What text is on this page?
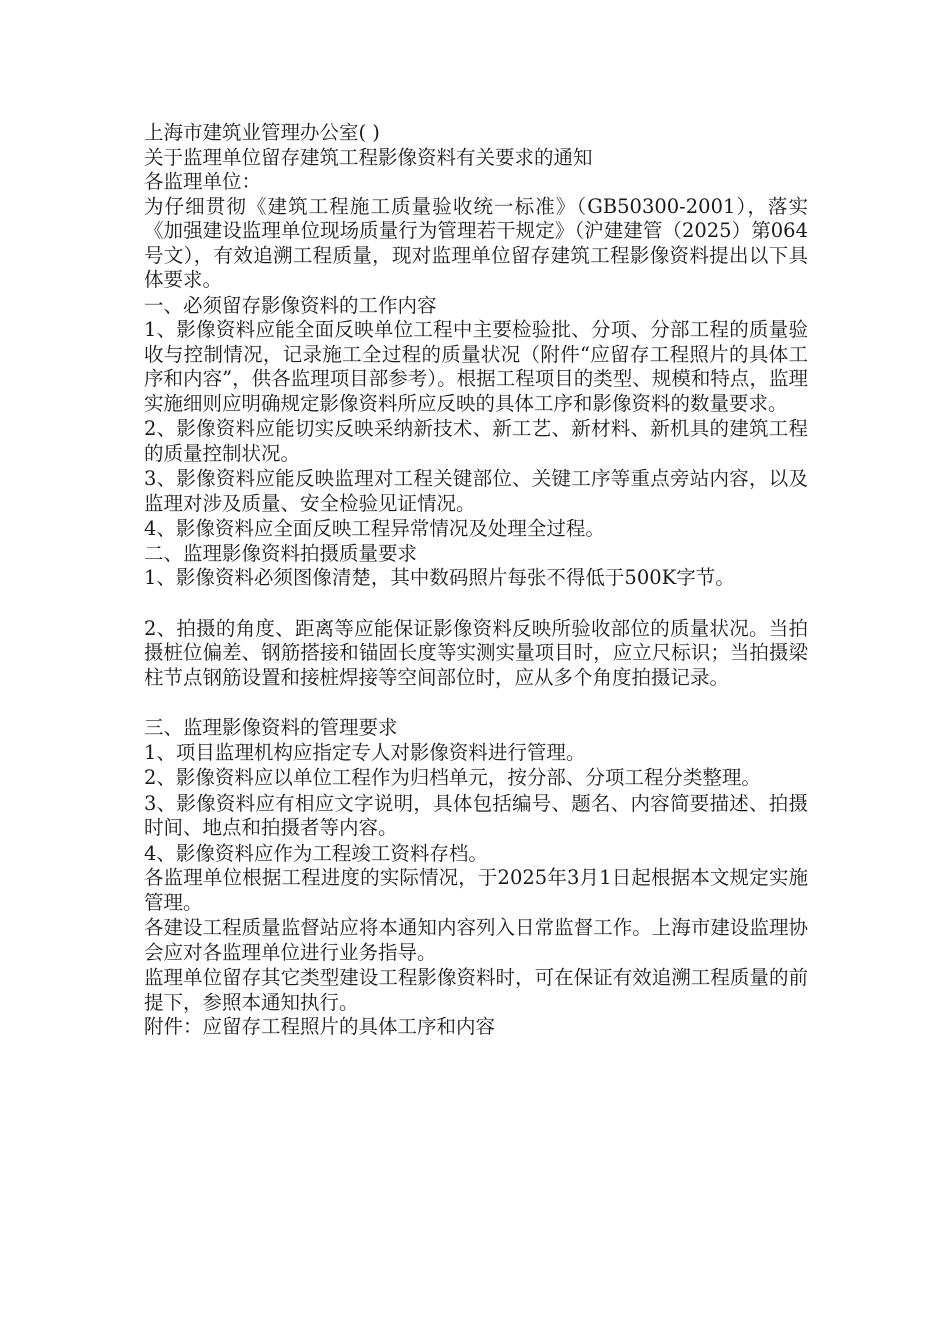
上海市建筑业管理办公室( )

关于监理单位留存建筑工程影像资料有关要求的通知

各监理单位：

为仔细贯彻《建筑工程施工质量验收统一标准》（GB50300-2001），落实《加强建设监理单位现场质量行为管理若干规定》（沪建建管（2025）第064号文），有效追溯工程质量，现对监理单位留存建筑工程影像资料提出以下具体要求。

一、必须留存影像资料的工作内容

1、影像资料应能全面反映单位工程中主要检验批、分项、分部工程的质量验收与控制情况，记录施工全过程的质量状况（附件“应留存工程照片的具体工序和内容”，供各监理项目部参考）。根据工程项目的类型、规模和特点，监理实施细则应明确规定影像资料所应反映的具体工序和影像资料的数量要求。

2、影像资料应能切实反映采纳新技术、新工艺、新材料、新机具的建筑工程的质量控制状况。

3、影像资料应能反映监理对工程关键部位、关键工序等重点旁站内容，以及监理对涉及质量、安全检验见证情况。

4、影像资料应全面反映工程异常情况及处理全过程。

二、监理影像资料拍摄质量要求

1、影像资料必须图像清楚，其中数码照片每张不得低于500K字节。

2、拍摄的角度、距离等应能保证影像资料反映所验收部位的质量状况。当拍摄桩位偏差、钢筋搭接和锚固长度等实测实量项目时，应立尺标识；当拍摄梁柱节点钢筋设置和接桩焊接等空间部位时，应从多个角度拍摄记录。

三、监理影像资料的管理要求

1、项目监理机构应指定专人对影像资料进行管理。

2、影像资料应以单位工程作为归档单元，按分部、分项工程分类整理。

3、影像资料应有相应文字说明，具体包括编号、题名、内容简要描述、拍摄时间、地点和拍摄者等内容。

4、影像资料应作为工程竣工资料存档。

各监理单位根据工程进度的实际情况，于2025年3月1日起根据本文规定实施管理。

各建设工程质量监督站应将本通知内容列入日常监督工作。上海市建设监理协会应对各监理单位进行业务指导。

监理单位留存其它类型建设工程影像资料时，可在保证有效追溯工程质量的前提下，参照本通知执行。

附件：应留存工程照片的具体工序和内容
